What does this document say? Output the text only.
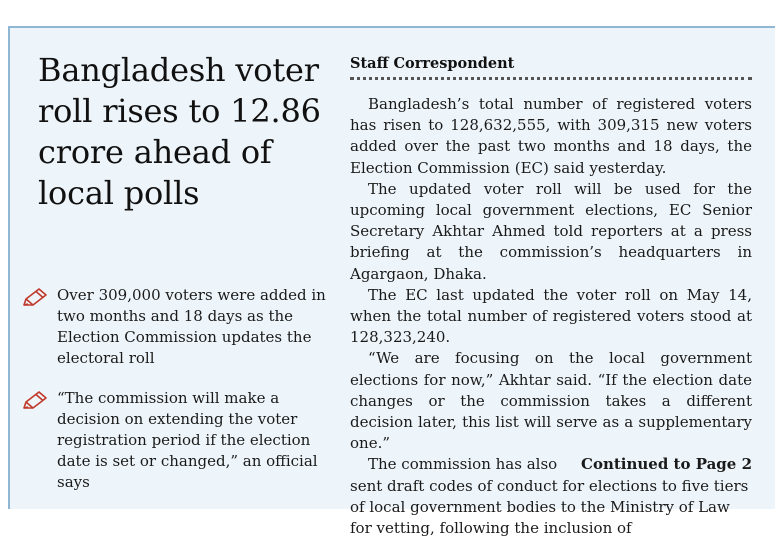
Bangladesh voter roll rises to 12.86 crore ahead of local polls
Over 309,000 voters were added in two months and 18 days as the Election Commission updates the electoral roll
“The commission will make a decision on extending the voter registration period if the election date is set or changed,” an official says
Staff Correspondent

Bangladesh’s total number of registered voters has risen to 128,632,555, with 309,315 new voters added over the past two months and 18 days, the Election Commission (EC) said yesterday.

The updated voter roll will be used for the upcoming local government elections, EC Senior Secretary Akhtar Ahmed told reporters at a press briefing at the commission’s headquarters in Agargaon, Dhaka.

The EC last updated the voter roll on May 14, when the total number of registered voters stood at 128,323,240.

“We are focusing on the local government elections for now,” Akhtar said. “If the election date changes or the commission takes a different decision later, this list will serve as a supplementary one.”

Continued to Page 2
The commission has also sent draft codes of conduct for elections to five tiers of local government bodies to the Ministry of Law for vetting, following the inclusion of
